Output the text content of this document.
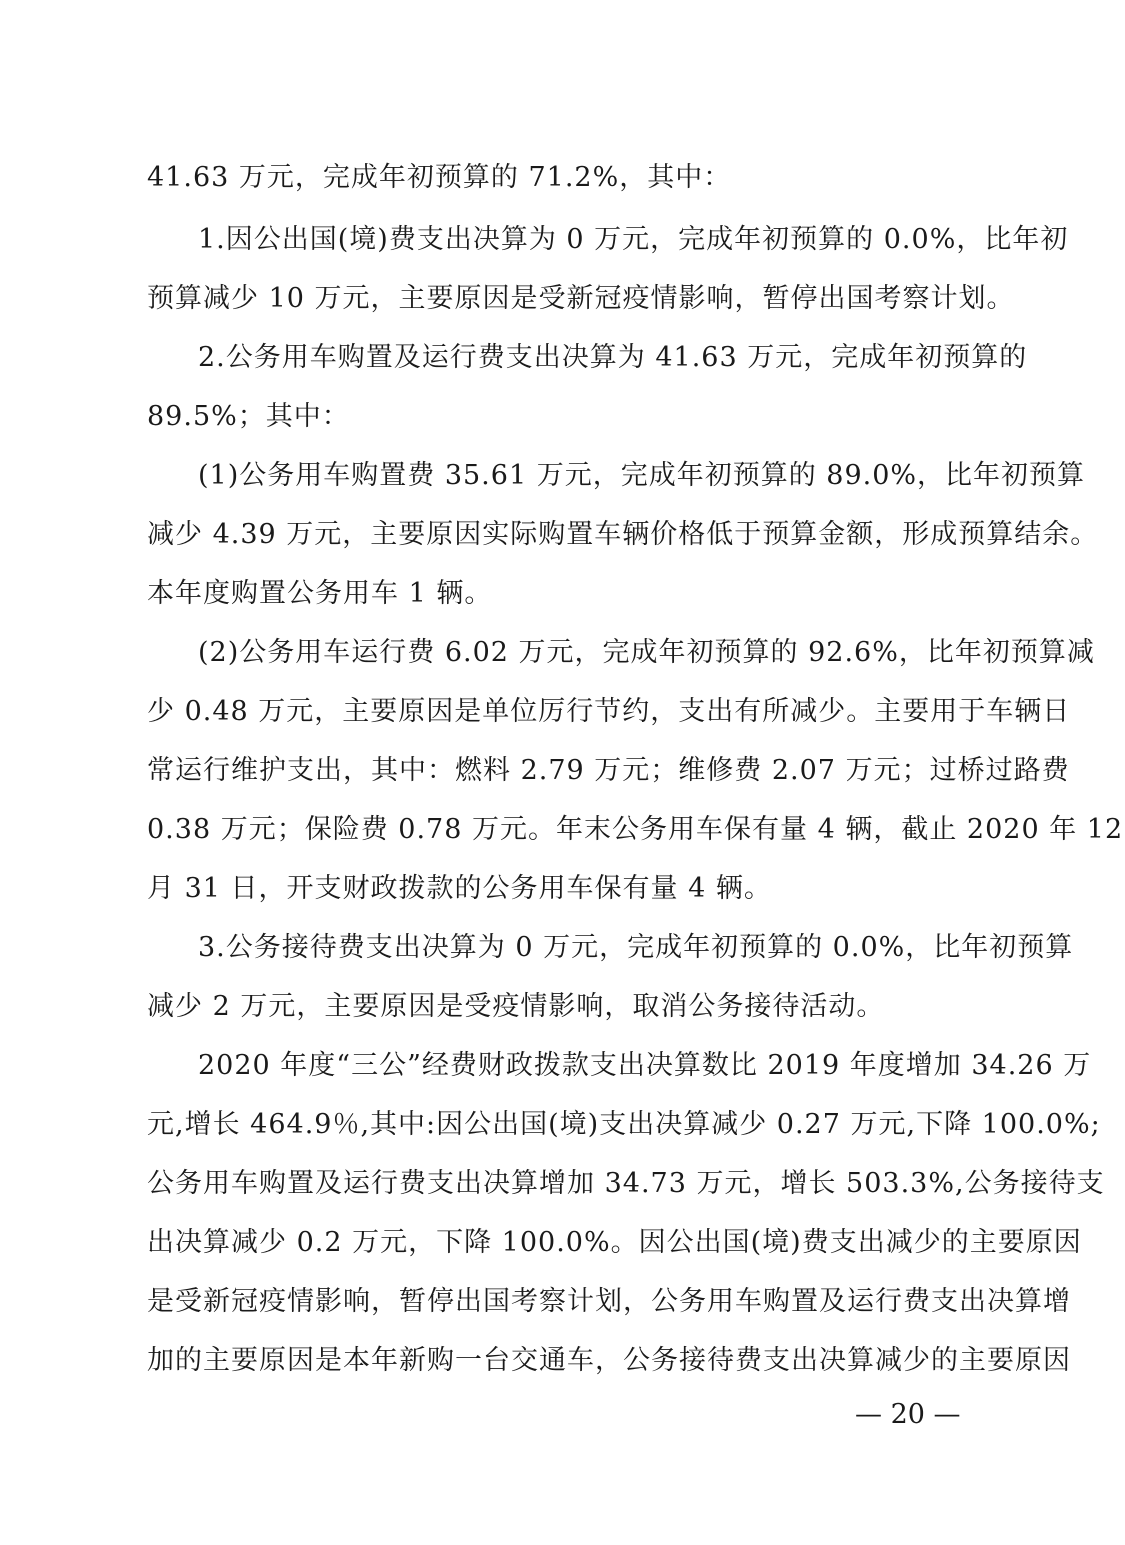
41.63 万元，完成年初预算的 71.2%，其中：
1.因公出国(境)费支出决算为 0 万元，完成年初预算的 0.0%，比年初
预算减少 10 万元，主要原因是受新冠疫情影响，暂停出国考察计划。
2.公务用车购置及运行费支出决算为 41.63 万元，完成年初预算的
89.5%；其中：
(1)公务用车购置费 35.61 万元，完成年初预算的 89.0%，比年初预算
减少 4.39 万元，主要原因实际购置车辆价格低于预算金额，形成预算结余。
本年度购置公务用车 1 辆。
(2)公务用车运行费 6.02 万元，完成年初预算的 92.6%，比年初预算减
少 0.48 万元，主要原因是单位厉行节约，支出有所减少。主要用于车辆日
常运行维护支出，其中：燃料 2.79 万元；维修费 2.07 万元；过桥过路费
0.38 万元；保险费 0.78 万元。年末公务用车保有量 4 辆，截止 2020 年 12
月 31 日，开支财政拨款的公务用车保有量 4 辆。
3.公务接待费支出决算为 0 万元，完成年初预算的 0.0%，比年初预算
减少 2 万元，主要原因是受疫情影响，取消公务接待活动。
2020 年度“三公”经费财政拨款支出决算数比 2019 年度增加 34.26 万
元,增长 464.9％,其中:因公出国(境)支出决算减少 0.27 万元,下降 100.0%;
公务用车购置及运行费支出决算增加 34.73 万元，增长 503.3%,公务接待支
出决算减少 0.2 万元，下降 100.0%。因公出国(境)费支出减少的主要原因
是受新冠疫情影响，暂停出国考察计划，公务用车购置及运行费支出决算增
加的主要原因是本年新购一台交通车，公务接待费支出决算减少的主要原因
— 20 —
